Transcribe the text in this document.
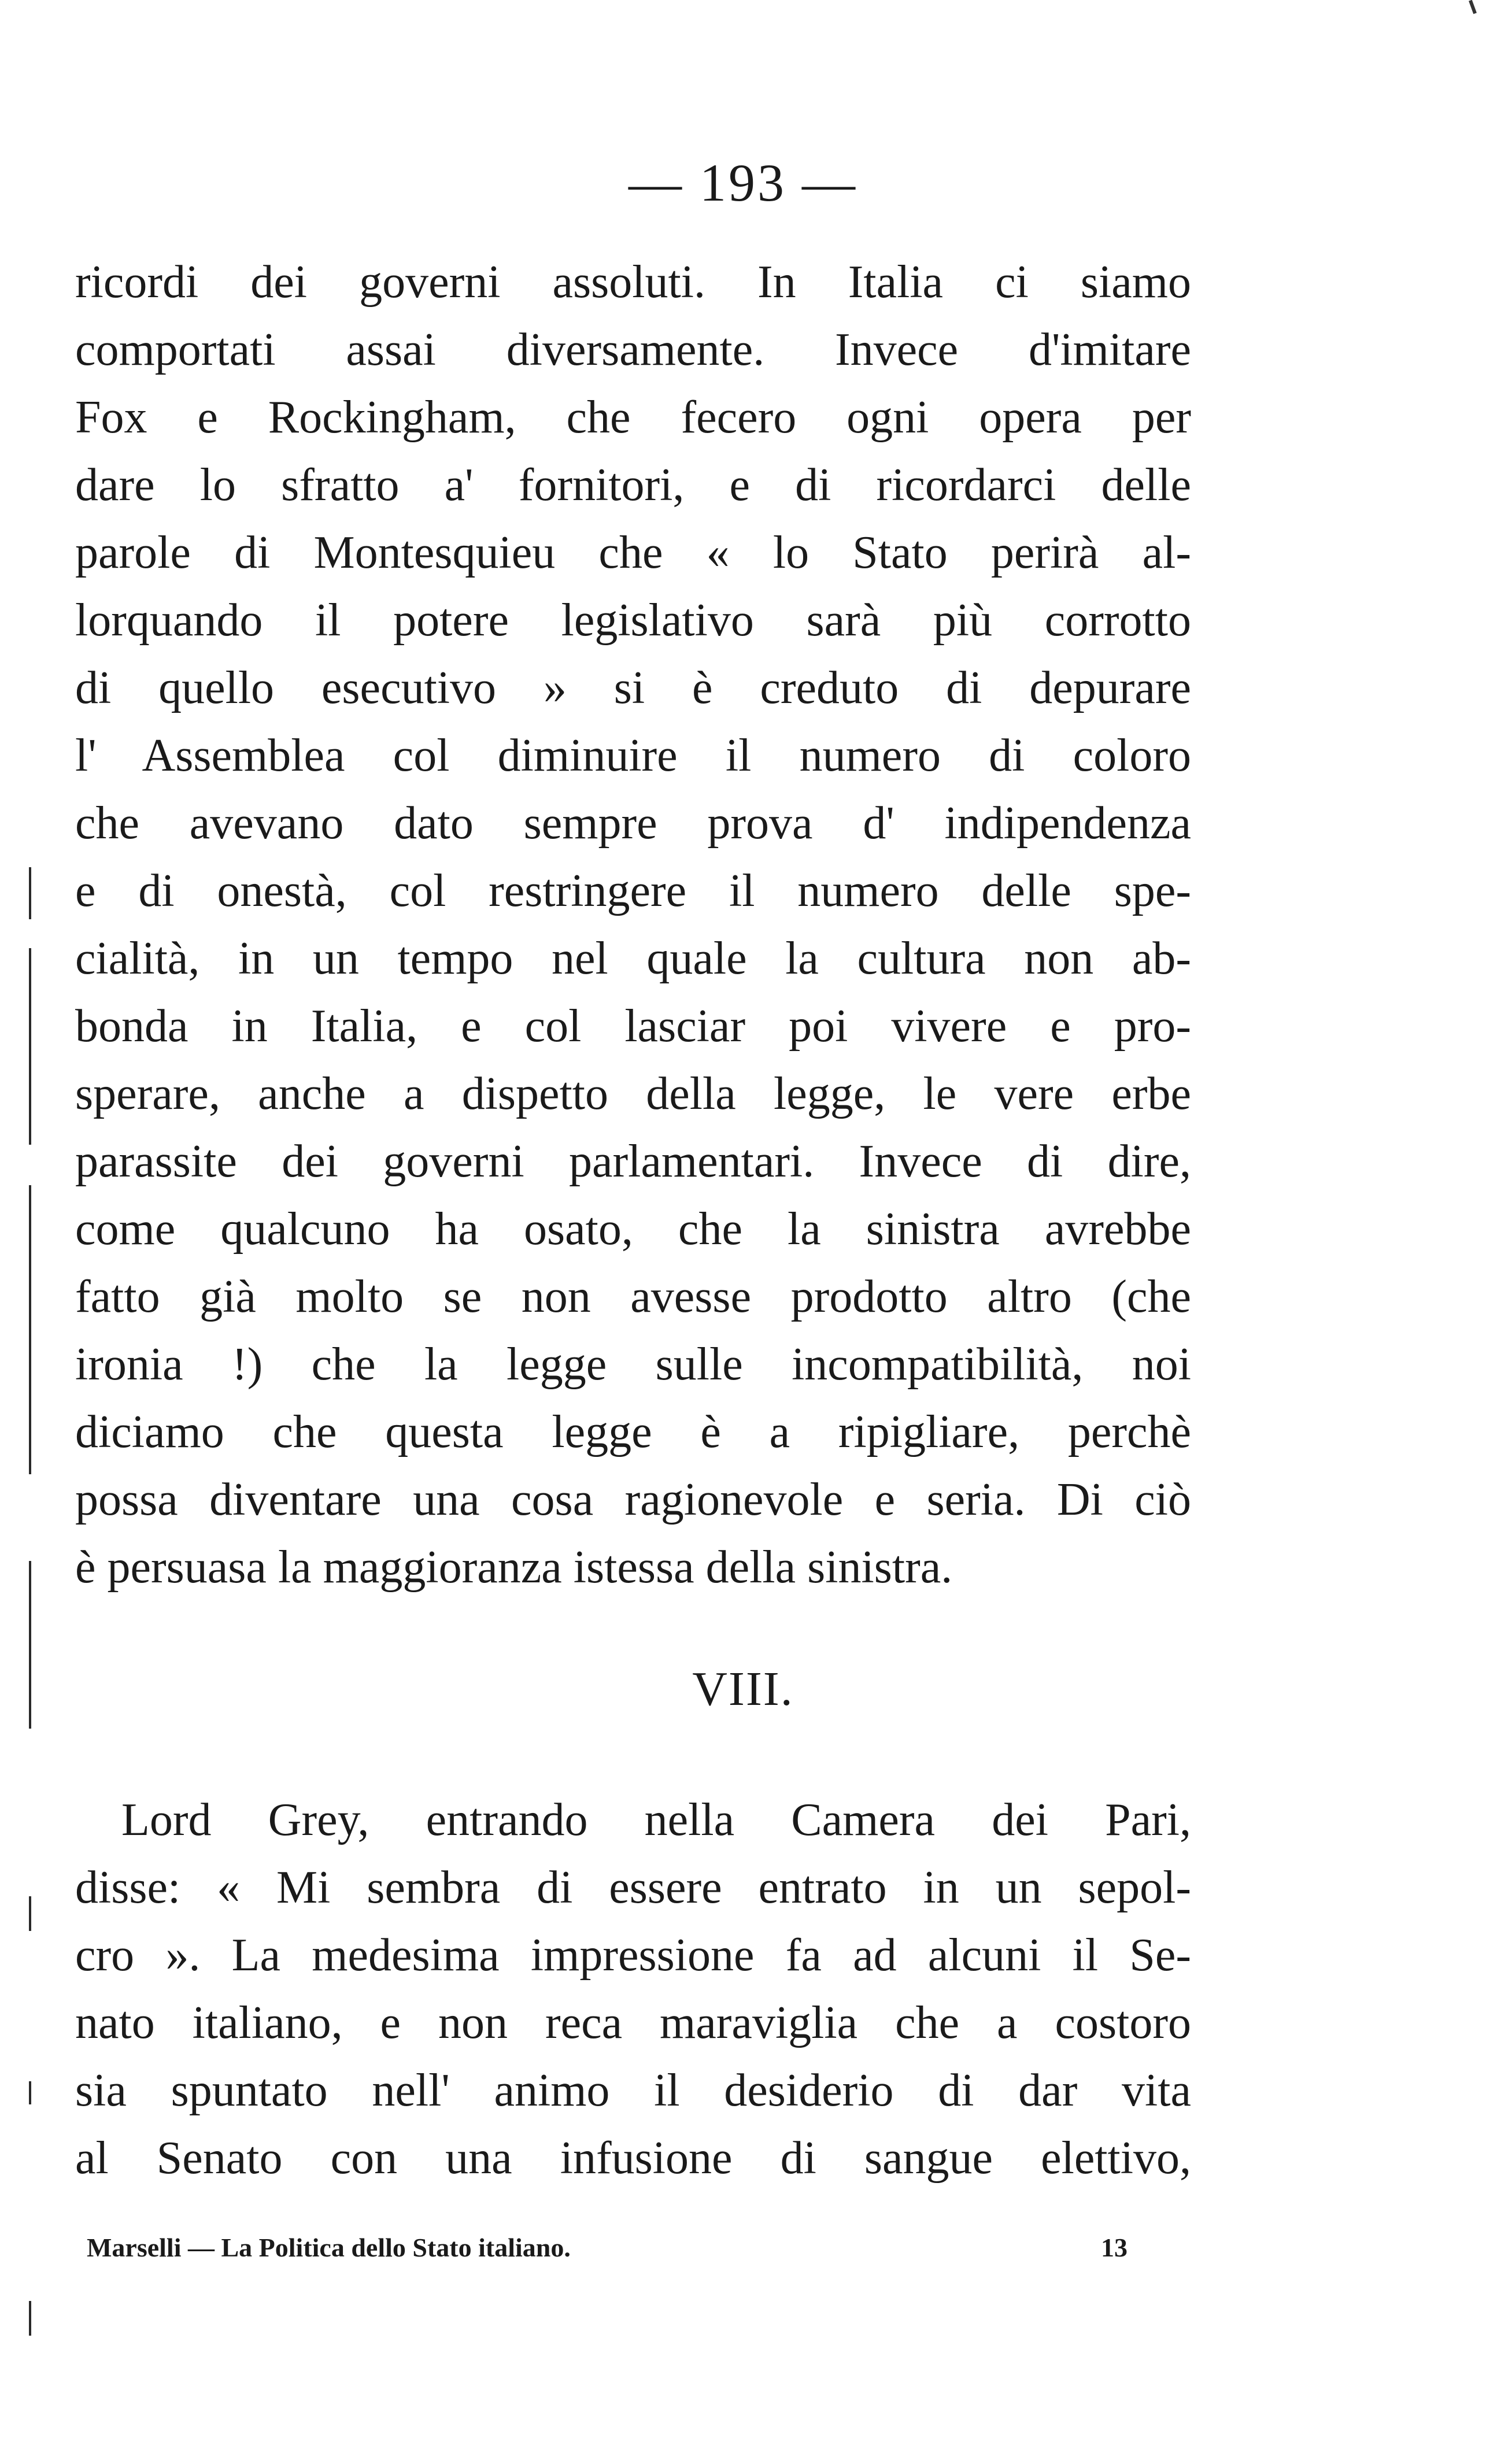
— 193 —
ricordi dei governi assoluti. In Italia ci siamo
comportati assai diversamente. Invece d'imitare
Fox e Rockingham, che fecero ogni opera per
dare lo sfratto a' fornitori, e di ricordarci delle
parole di Montesquieu che « lo Stato perirà al-
lorquando il potere legislativo sarà più corrotto
di quello esecutivo » si è creduto di depurare
l' Assemblea col diminuire il numero di coloro
che avevano dato sempre prova d' indipendenza
e di onestà, col restringere il numero delle spe-
cialità, in un tempo nel quale la cultura non ab-
bonda in Italia, e col lasciar poi vivere e pro-
sperare, anche a dispetto della legge, le vere erbe
parassite dei governi parlamentari. Invece di dire,
come qualcuno ha osato, che la sinistra avrebbe
fatto già molto se non avesse prodotto altro (che
ironia !) che la legge sulle incompatibilità, noi
diciamo che questa legge è a ripigliare, perchè
possa diventare una cosa ragionevole e seria. Di ciò
è persuasa la maggioranza istessa della sinistra.
VIII.
Lord Grey, entrando nella Camera dei Pari,
disse: « Mi sembra di essere entrato in un sepol-
cro ». La medesima impressione fa ad alcuni il Se-
nato italiano, e non reca maraviglia che a costoro
sia spuntato nell' animo il desiderio di dar vita
al Senato con una infusione di sangue elettivo,
Marselli — La Politica dello Stato italiano.	13
